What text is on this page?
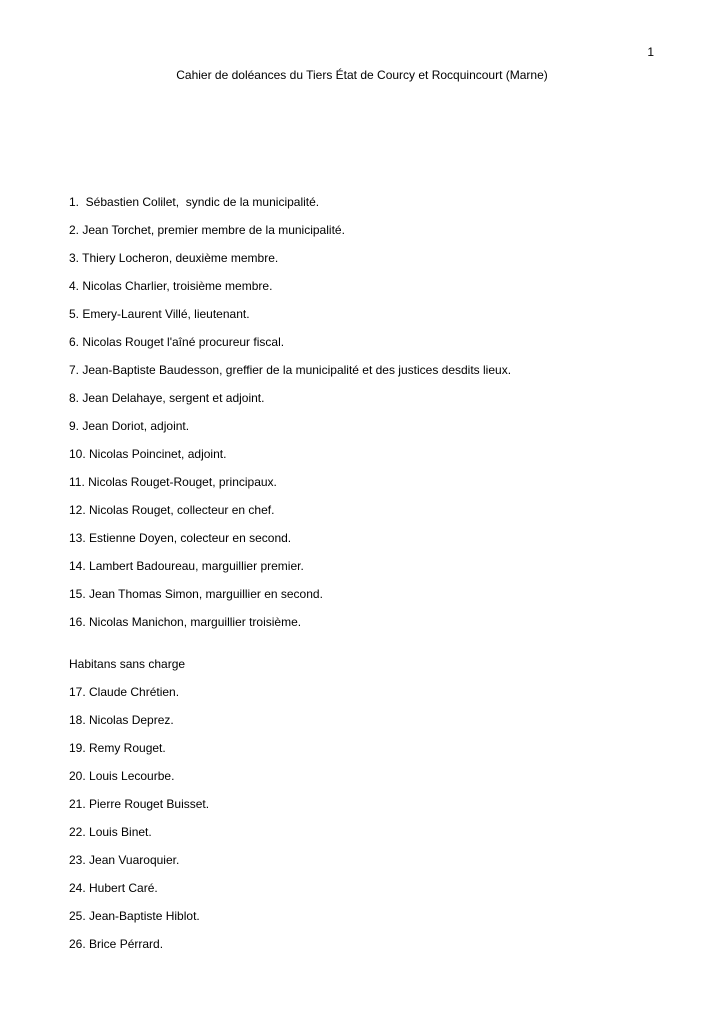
1

Cahier de doléances du Tiers État de Courcy et Rocquincourt (Marne)

1.  Sébastien Colilet,  syndic de la municipalité.

2. Jean Torchet, premier membre de la municipalité.

3. Thiery Locheron, deuxième membre.

4. Nicolas Charlier, troisième membre.

5. Emery-Laurent Villé, lieutenant.

6. Nicolas Rouget l'aîné procureur fiscal.

7. Jean-Baptiste Baudesson, greffier de la municipalité et des justices desdits lieux.

8. Jean Delahaye, sergent et adjoint.

9. Jean Doriot, adjoint.

10. Nicolas Poincinet, adjoint.

11. Nicolas Rouget-Rouget, principaux.

12. Nicolas Rouget, collecteur en chef.

13. Estienne Doyen, colecteur en second.

14. Lambert Badoureau, marguillier premier.

15. Jean Thomas Simon, marguillier en second.

16. Nicolas Manichon, marguillier troisième.

Habitans sans charge

17. Claude Chrétien.

18. Nicolas Deprez.

19. Remy Rouget.

20. Louis Lecourbe.

21. Pierre Rouget Buisset.

22. Louis Binet.

23. Jean Vuaroquier.

24. Hubert Caré.

25. Jean-Baptiste Hiblot.

26. Brice Pérrard.
